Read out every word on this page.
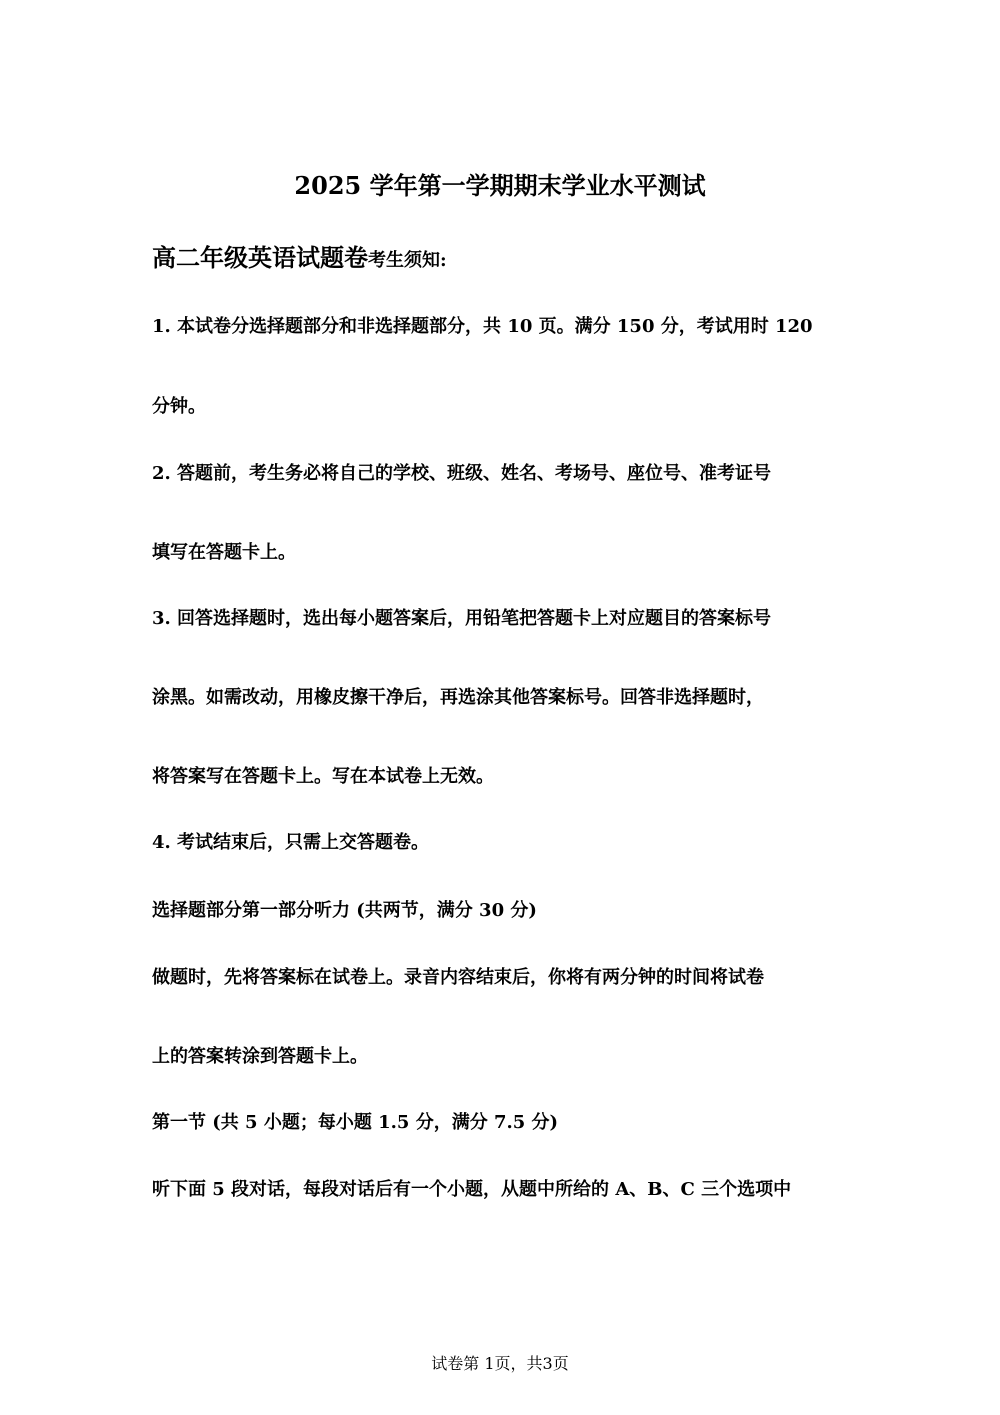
2025 学年第一学期期末学业水平测试
高二年级英语试题卷考生须知:
1. 本试卷分选择题部分和非选择题部分，共 10 页。满分 150 分，考试用时 120
分钟。
2. 答题前，考生务必将自己的学校、班级、姓名、考场号、座位号、准考证号
填写在答题卡上。
3. 回答选择题时，选出每小题答案后，用铅笔把答题卡上对应题目的答案标号
涂黑。如需改动，用橡皮擦干净后，再选涂其他答案标号。回答非选择题时，
将答案写在答题卡上。写在本试卷上无效。
4. 考试结束后，只需上交答题卷。
选择题部分第一部分听力 (共两节，满分 30 分)
做题时，先将答案标在试卷上。录音内容结束后，你将有两分钟的时间将试卷
上的答案转涂到答题卡上。
第一节 (共 5 小题；每小题 1.5 分，满分 7.5 分)
听下面 5 段对话，每段对话后有一个小题，从题中所给的 A、B、C 三个选项中
试卷第 1页，共3页
